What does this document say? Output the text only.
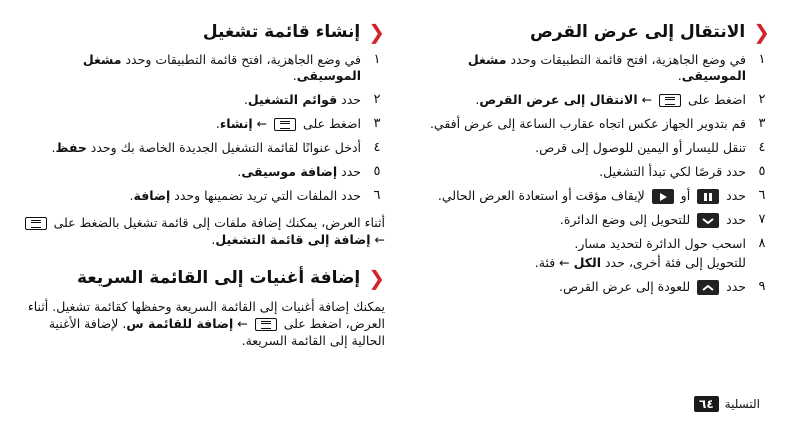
❮
الانتقال إلى عرض القرص
١
في وضع الجاهزية، افتح قائمة التطبيقات وحدد مشغل الموسيقى.
٢
اضغط على
← الانتقال إلى عرض القرص.
٣
قم بتدوير الجهاز عكس اتجاه عقارب الساعة إلى عرض أفقي.
٤
تنقل لليسار أو اليمين للوصول إلى قرص.
٥
حدد قرصًا لكي تبدأ التشغيل.
٦
حدد
أو
لإيقاف مؤقت أو استعادة العرض الحالي.
٧
حدد
للتحويل إلى وضع الدائرة.
٨
اسحب حول الدائرة لتحديد مسار.
للتحويل إلى فئة أخرى، حدد الكل ← فئة.
٩
حدد
للعودة إلى عرض القرص.
❮
إنشاء قائمة تشغيل
١
في وضع الجاهزية، افتح قائمة التطبيقات وحدد مشغل الموسيقى.
٢
حدد قوائم التشغيل.
٣
اضغط على
← إنشاء.
٤
أدخل عنوانًا لقائمة التشغيل الجديدة الخاصة بك وحدد حفظ.
٥
حدد إضافة موسيقى.
٦
حدد الملفات التي تريد تضمينها وحدد إضافة.

أثناء العرض، يمكنك إضافة ملفات إلى قائمة تشغيل بالضغط على
← إضافة إلى قائمة التشغيل.

❮
إضافة أغنيات إلى القائمة السريعة

يمكنك إضافة أغنيات إلى القائمة السريعة وحفظها كقائمة تشغيل. أثناء العرض، اضغط على
← إضافة للقائمة س. لإضافة الأغنية الحالية إلى القائمة السريعة.

التسلية
٦٤
